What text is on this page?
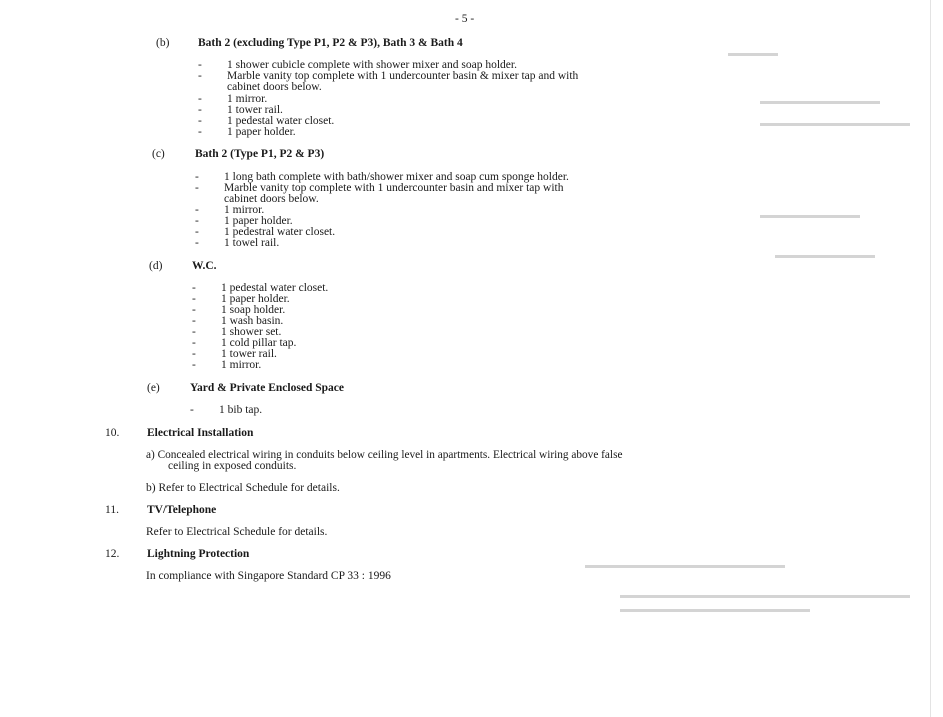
▬▬▬▬▬
▬▬▬▬▬▬▬▬▬▬▬▬
▬▬▬▬▬▬▬▬▬▬▬▬▬▬▬
▬▬▬▬▬▬▬▬▬▬
▬▬▬▬▬▬▬▬▬▬
▬▬▬▬▬▬▬▬▬▬▬▬▬▬▬▬▬▬▬▬
▬▬▬▬▬▬▬▬▬▬▬▬▬▬▬▬▬▬▬▬▬▬▬▬▬▬▬▬▬
▬▬▬▬▬▬▬▬▬▬▬▬▬▬▬▬▬▬▬
- 5 -
(b) Bath 2 (excluding Type P1, P2 & P3), Bath 3 & Bath 4
- 1 shower cubicle complete with shower mixer and soap holder.
- Marble vanity top complete with 1 undercounter basin & mixer tap and with
cabinet doors below.
- 1 mirror.
- 1 tower rail.
- 1 pedestal water closet.
- 1 paper holder.
(c)	Bath 2 (Type P1, P2 & P3)
- 1 long bath complete with bath/shower mixer and soap cum sponge holder.
- Marble vanity top complete with 1 undercounter basin and mixer tap with
cabinet doors below.
- 1 mirror.
- 1 paper holder.
- 1 pedestral water closet.
- 1 towel rail.
(d)	W.C.
- 1 pedestal water closet.
- 1 paper holder.
- 1 soap holder.
- 1 wash basin.
- 1 shower set.
- 1 cold pillar tap.
- 1 tower rail.
- 1 mirror.
(e)	Yard & Private Enclosed Space
- 1 bib tap.
10. Electrical Installation
a) Concealed electrical wiring in conduits below ceiling level in apartments. Electrical wiring above false
ceiling in exposed conduits.
b) Refer to Electrical Schedule for details.
11. TV/Telephone
Refer to Electrical Schedule for details.
12. Lightning Protection
In compliance with Singapore Standard CP 33 : 1996
